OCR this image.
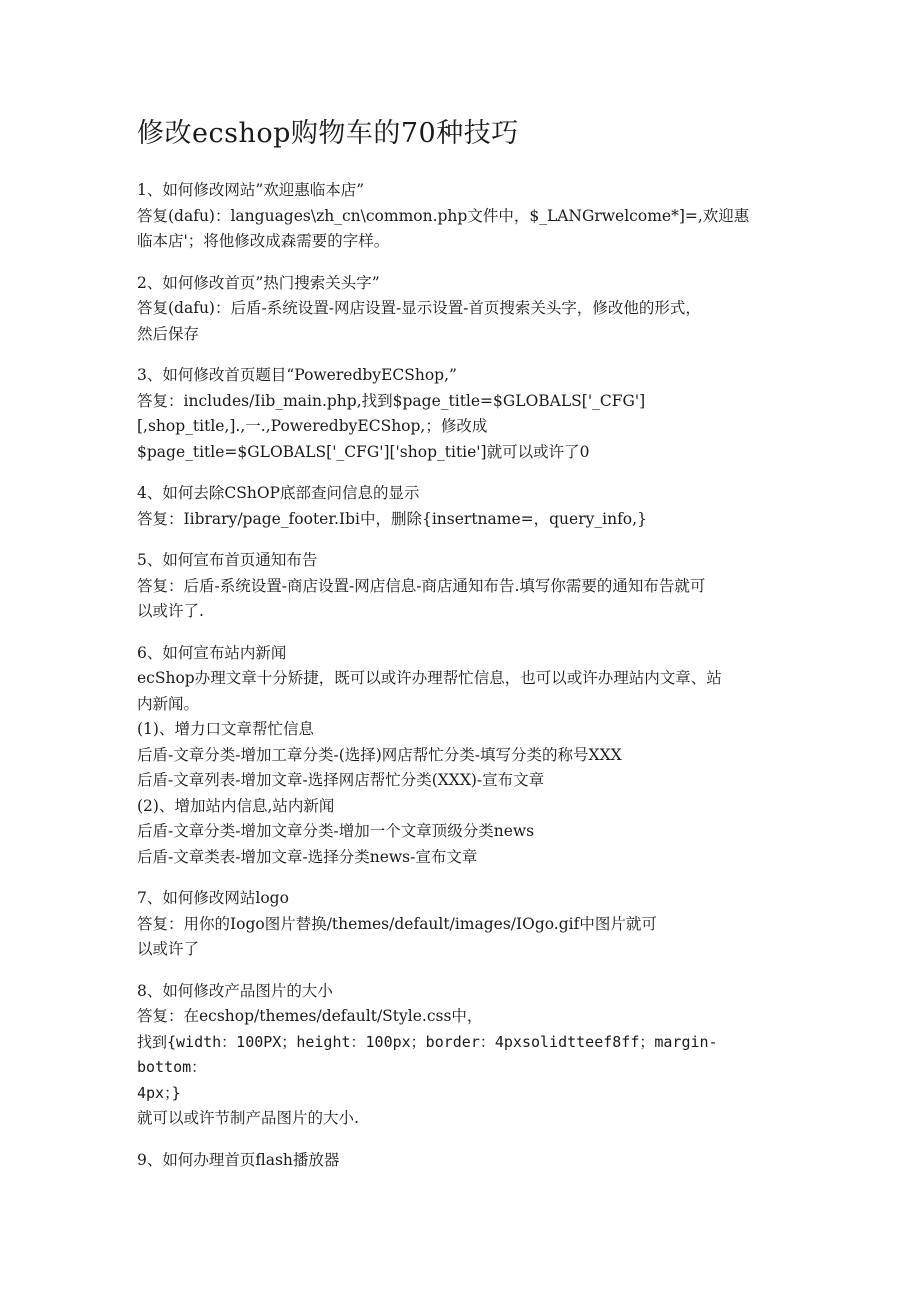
修改ecshop购物车的70种技巧
1、如何修改网站”欢迎惠临本店”
答复(dafu)：languages\zh_cn\common.php文件中，$_LANGrwelcome*]=,欢迎惠
临本店'；将他修改成森需要的字样。
2、如何修改首页”热门搜索关头字”
答复(dafu)：后盾-系统设置-网店设置-显示设置-首页搜索关头字，修改他的形式，
然后保存
3、如何修改首页题目“PoweredbyECShop,”
答复：includes/Iib_main.php,找到$page_title=$GLOBALS['_CFG']
[,shop_title,].,一.,PoweredbyECShop,；修改成
$page_title=$GLOBALS['_CFG']['shop_titie']就可以或许了0
4、如何去除CShOP底部查问信息的显示
答复：Iibrary/page_footer.Ibi中，删除{insertname=，query_info,}
5、如何宣布首页通知布告
答复：后盾-系统设置-商店设置-网店信息-商店通知布告.填写你需要的通知布告就可
以或许了.
6、如何宣布站内新闻
ecShop办理文章十分矫捷，既可以或许办理帮忙信息，也可以或许办理站内文章、站
内新闻。
(1)、增力口文章帮忙信息
后盾-文章分类-增加工章分类-(选择)网店帮忙分类-填写分类的称号XXX
后盾-文章列表-增加文章-选择网店帮忙分类(XXX)-宣布文章
(2)、增加站内信息,站内新闻
后盾-文章分类-增加文章分类-增加一个文章顶级分类news
后盾-文章类表-增加文章-选择分类news-宣布文章
7、如何修改网站logo
答复：用你的Iogo图片替换/themes/default/images/IOgo.gif中图片就可
以或许了
8、如何修改产品图片的大小
答复：在ecshop/themes/default/Style.css中，
找到{width：100PX；height：100px；border：4pxsolidtteef8ff；margin-
bottom：
4px；}
就可以或许节制产品图片的大小.
9、如何办理首页flash播放器
